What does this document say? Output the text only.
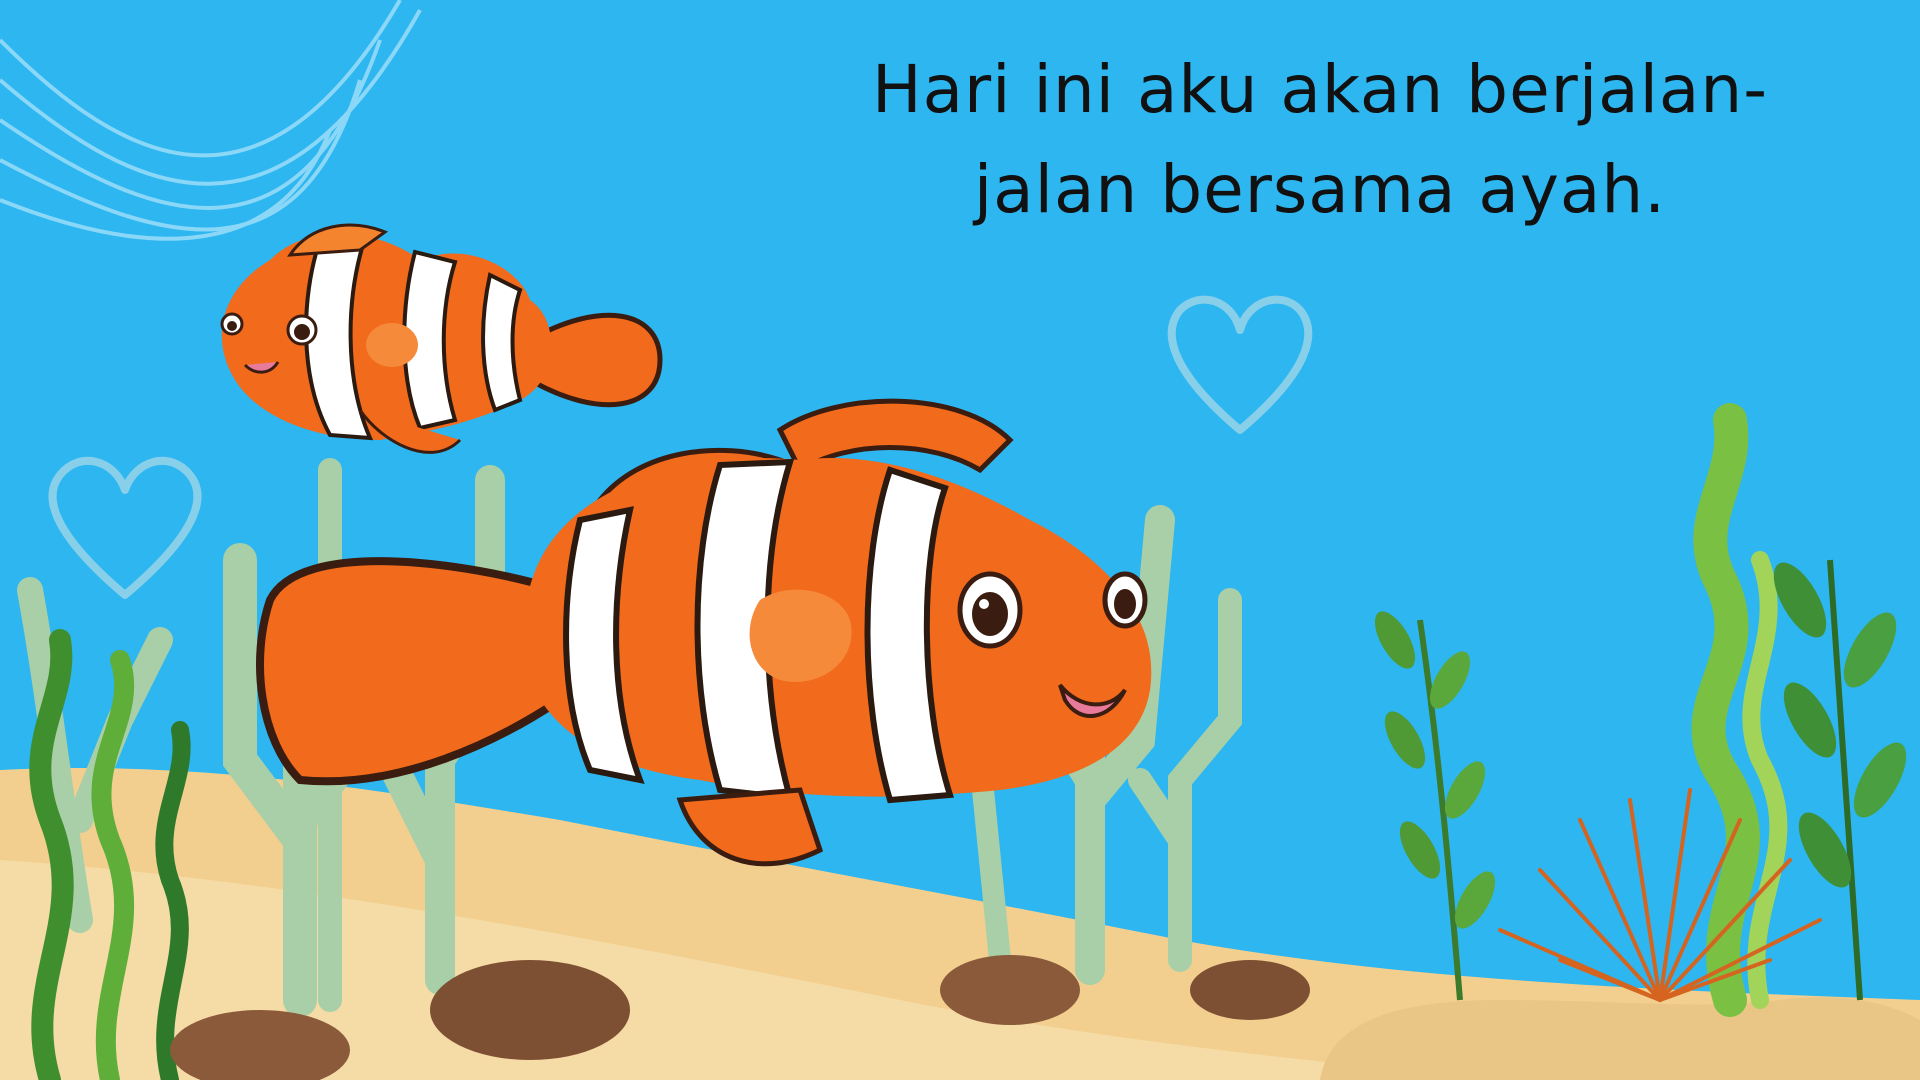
Hari ini aku akan berjalan-
jalan bersama ayah.
